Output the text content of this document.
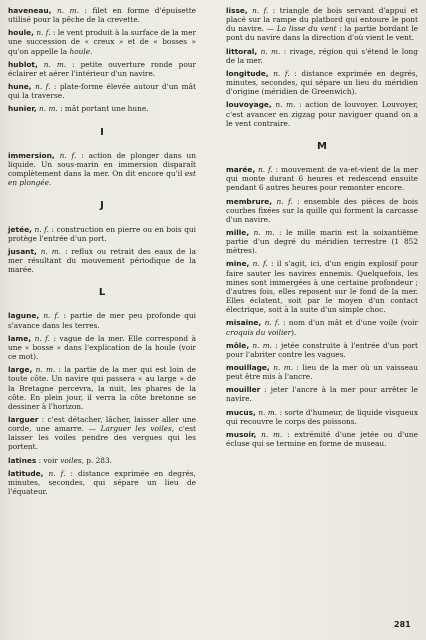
haveneau, n. m. : filet en forme d'épuisette utilisé pour la pêche de la crevette.

houle, n. f. : le vent produit à la surface de la mer une succession de « creux » et de « bosses » qu'on appelle la houle.

hublot, n. m. : petite ouverture ronde pour éclairer et aérer l'intérieur d'un navire.

hune, n. f. : plate-forme élevée autour d'un mât qui la traverse.

hunier, n. m. : mât portant une hune.

I

immersion, n. f. : action de plonger dans un liquide. Un sous-marin en immersion disparaît complètement dans la mer. On dit encore qu'il est en plongée.

J

jetée, n. f. : construction en pierre ou en bois qui protège l'entrée d'un port.

jusant, n. m. : reflux ou retrait des eaux de la mer résultant du mouvement périodique de la marée.

L

lagune, n. f. : partie de mer peu profonde qui s'avance dans les terres.

lame, n. f. : vague de la mer. Elle correspond à une « bosse » dans l'explication de la houle (voir ce mot).

large, n. m. : la partie de la mer qui est loin de toute côte. Un navire qui passera « au large » de la Bretagne percevra, la nuit, les phares de la côte. En plein jour, il verra la côte bretonne se dessiner à l'horizon.

larguer : c'est détacher, lâcher, laisser aller une corde, une amarre. — Larguer les voiles, c'est laisser les voiles pendre des vergues qui les portent.

latines : voir voiles, p. 283.

latitude, n. f. : distance exprimée en degrés, minutes, secondes, qui sépare un lieu de l'équateur.

lisse, n. f. : triangle de bois servant d'appui et placé sur la rampe du platbord qui entoure le pont du navire. — La lisse du vent : la partie bordant le pont du navire dans la direction d'où vient le vent.

littoral, n. m. : rivage, région qui s'étend le long de la mer.

longitude, n. f. : distance exprimée en degrés, minutes, secondes, qui sépare un lieu du méridien d'origine (méridien de Greenwich).

louvoyage, n. m. : action de louvoyer. Louvoyer, c'est avancer en zigzag pour naviguer quand on a le vent contraire.

M

marée, n. f. : mouvement de va-et-vient de la mer qui monte durant 6 heures et redescend ensuite pendant 6 autres heures pour remonter encore.

membrure, n. f. : ensemble des pièces de bois courbes fixées sur la quille qui forment la carcasse d'un navire.

mille, n. m. : le mille marin est la soixantième partie d'un degré du méridien terrestre (1 852 mètres).

mine, n. f. : il s'agit, ici, d'un engin explosif pour faire sauter les navires ennemis. Quelquefois, les mines sont immergées à une certaine profondeur ; d'autres fois, elles reposent sur le fond de la mer. Elles éclatent, soit par le moyen d'un contact électrique, soit à la suite d'un simple choc.

misaine, n. f. : nom d'un mât et d'une voile (voir croquis du voilier).

môle, n. m. : jetée construite à l'entrée d'un port pour l'abriter contre les vagues.

mouillage, n. m. : lieu de la mer où un vaisseau peut être mis à l'ancre.

mouiller : jeter l'ancre à la mer pour arrêter le navire.

mucus, n. m. : sorte d'humeur, de liquide visqueux qui recouvre le corps des poissons.

musoir, n. m. : extrémité d'une jetée ou d'une écluse qui se termine en forme de museau.

281
